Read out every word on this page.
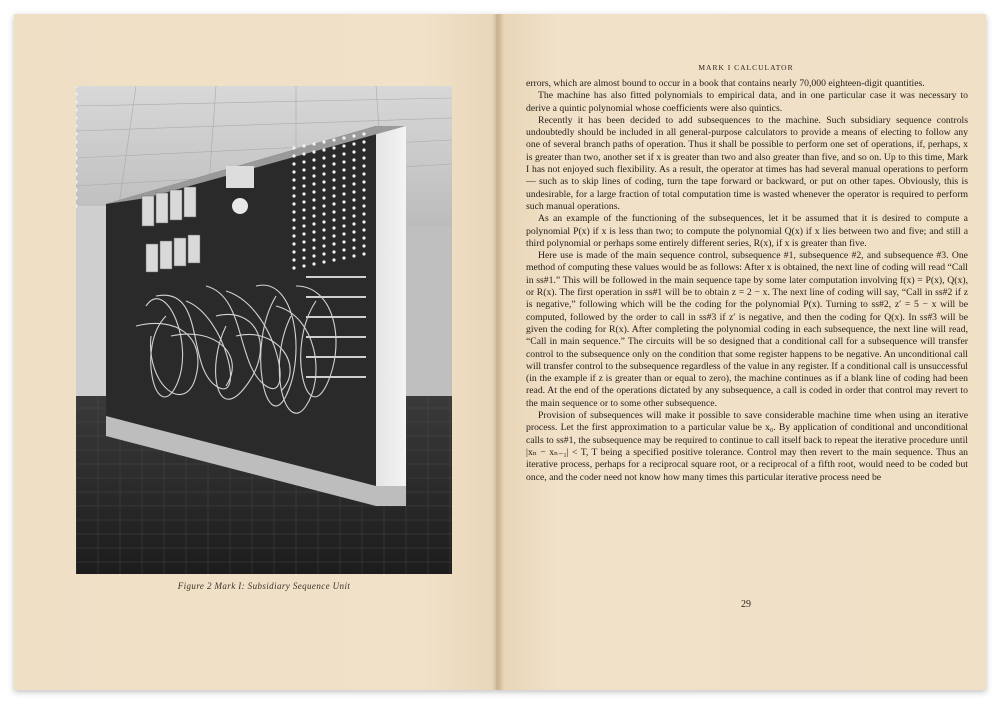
Figure 2 Mark I: Subsidiary Sequence Unit
MARK I CALCULATOR

errors, which are almost bound to occur in a book that contains nearly 70,000 eighteen-digit quantities.

The machine has also fitted polynomials to empirical data, and in one particular case it was necessary to derive a quintic polynomial whose coefficients were also quintics.

Recently it has been decided to add subsequences to the machine. Such subsidiary sequence controls undoubtedly should be included in all general-purpose calculators to provide a means of electing to follow any one of several branch paths of operation. Thus it shall be possible to perform one set of operations, if, perhaps, x is greater than two, another set if x is greater than two and also greater than five, and so on. Up to this time, Mark I has not enjoyed such flexibility. As a result, the operator at times has had several manual operations to perform — such as to skip lines of coding, turn the tape forward or backward, or put on other tapes. Obviously, this is undesirable, for a large fraction of total computation time is wasted whenever the operator is required to perform such manual operations.

As an example of the functioning of the subsequences, let it be assumed that it is desired to compute a polynomial P(x) if x is less than two; to compute the polynomial Q(x) if x lies between two and five; and still a third polynomial or perhaps some entirely different series, R(x), if x is greater than five.

Here use is made of the main sequence control, subsequence #1, subsequence #2, and subsequence #3. One method of computing these values would be as follows: After x is obtained, the next line of coding will read “Call in ss#1.” This will be followed in the main sequence tape by some later computation involving f(x) = P(x), Q(x), or R(x). The first operation in ss#1 will be to obtain z = 2 − x. The next line of coding will say, “Call in ss#2 if z is negative,” following which will be the coding for the polynomial P(x). Turning to ss#2, z′ = 5 − x will be computed, followed by the order to call in ss#3 if z′ is negative, and then the coding for Q(x). In ss#3 will be given the coding for R(x). After completing the polynomial coding in each subsequence, the next line will read, “Call in main sequence.” The circuits will be so designed that a conditional call for a subsequence will transfer control to the subsequence only on the condition that some register happens to be negative. An unconditional call will transfer control to the subsequence regardless of the value in any register. If a conditional call is unsuccessful (in the example if z is greater than or equal to zero), the machine continues as if a blank line of coding had been read. At the end of the operations dictated by any subsequence, a call is coded in order that control may revert to the main sequence or to some other subsequence.

Provision of subsequences will make it possible to save considerable machine time when using an iterative process. Let the first approximation to a particular value be x₀. By application of conditional and unconditional calls to ss#1, the subsequence may be required to continue to call itself back to repeat the iterative procedure until |xₙ − xₙ₋₁| < T, T being a specified positive tolerance. Control may then revert to the main sequence. Thus an iterative process, perhaps for a reciprocal square root, or a reciprocal of a fifth root, would need to be coded but once, and the coder need not know how many times this particular iterative process need be

29
